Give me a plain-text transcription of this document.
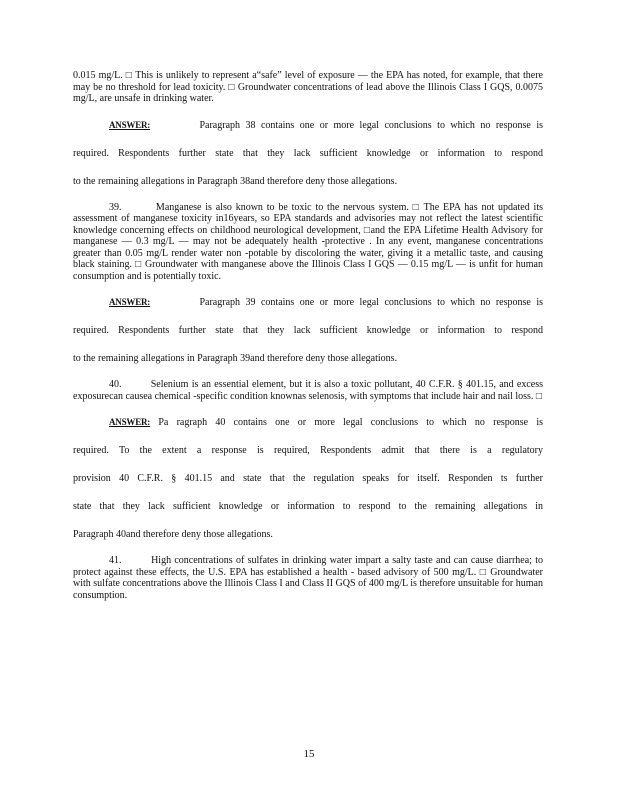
0.015 mg/L. □ This is unlikely to represent a“safe” level of exposure — the EPA has noted, for example, that there may be no threshold for lead toxicity. □ Groundwater concentrations of lead above the Illinois Class I GQS, 0.0075 mg/L, are unsafe in drinking water.

ANSWER:	Paragraph 38 contains one or more legal conclusions to which no response is

required. Respondents further state that they lack sufficient knowledge or information to respond

to the remaining allegations in Paragraph 38and therefore deny those allegations.

39.	Manganese is also known to be toxic to the nervous system. □ The EPA has not updated its assessment of manganese toxicity in16years, so EPA standards and advisories may not reflect the latest scientific knowledge concerning effects on childhood neurological development, □and the EPA Lifetime Health Advisory for manganese — 0.3 mg/L — may not be adequately health -protective . In any event, manganese concentrations greater than 0.05 mg/L render water non -potable by discoloring the water, giving it a metallic taste, and causing black staining. □ Groundwater with manganese above the Illinois Class I GQS — 0.15 mg/L — is unfit for human consumption and is potentially toxic.

ANSWER:	Paragraph 39 contains one or more legal conclusions to which no response is

required. Respondents further state that they lack sufficient knowledge or information to respond

to the remaining allegations in Paragraph 39and therefore deny those allegations.

40.	Selenium is an essential element, but it is also a toxic pollutant, 40 C.F.R. § 401.15, and excess exposurecan causea chemical -specific condition knownas selenosis, with symptoms that include hair and nail loss. □

ANSWER: Pa ragraph 40 contains one or more legal conclusions to which no response is

required. To the extent a response is required, Respondents admit that there is a regulatory

provision 40 C.F.R. § 401.15 and state that the regulation speaks for itself. Responden ts further

state that they lack sufficient knowledge or information to respond to the remaining allegations in

Paragraph 40and therefore deny those allegations.

41.	High concentrations of sulfates in drinking water impart a salty taste and can cause diarrhea; to protect against these effects, the U.S. EPA has established a health - based advisory of 500 mg/L. □ Groundwater with sulfate concentrations above the Illinois Class I and Class II GQS of 400 mg/L is therefore unsuitable for human consumption.

15
